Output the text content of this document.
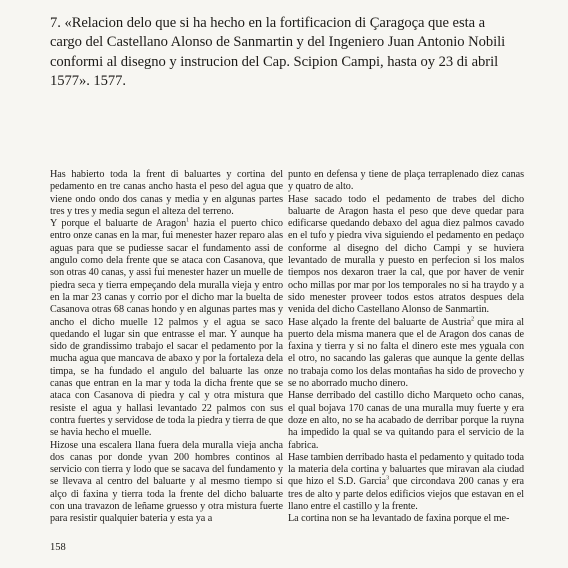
7. «Relacion delo que si ha hecho en la fortificacion di Çaragoça que esta a cargo del Castellano Alonso de Sanmartin y del Ingeniero Juan Antonio Nobili conformi al disegno y instrucion del Cap. Scipion Campi, hasta oy 23 di abril 1577». 1577.

Has habierto toda la frent di baluartes y cortina del pedamento en tre canas ancho hasta el peso del agua que viene ondo ondo dos canas y media y en algunas partes tres y tres y media segun el alteza del terreno.

Y porque el baluarte de Aragon$^1$ hazia el puerto chico entro onze canas en la mar, fui menester hazer reparo alas aguas para que se pudiesse sacar el fundamento assi de angulo como dela frente que se ataca con Casanova, que son otras 40 canas, y assi fui menester hazer un muelle de piedra seca y tierra empeçando dela muralla vieja y entro en la mar 23 canas y corrio por el dicho mar la buelta de Casanova otras 68 canas hondo y en algunas partes mas y ancho el dicho muelle 12 palmos y el agua se saco quedando el lugar sin que entrasse el mar. Y aunque ha sido de grandissimo trabajo el sacar el pedamento por la mucha agua que mancava de abaxo y por la fortaleza dela timpa, se ha fundado el angulo del baluarte las onze canas que entran en la mar y toda la dicha frente que se ataca con Casanova di piedra y cal y otra mistura que resiste el agua y hallasi levantado 22 palmos con sus contra fuertes y servidose de toda la piedra y tierra de que se havia hecho el muelle.

Hizose una escalera llana fuera dela muralla vieja ancha dos canas por donde yvan 200 hombres continos al servicio con tierra y lodo que se sacava del fundamento y se llevava al centro del baluarte y al mesmo tiempo si alço di faxina y tierra toda la frente del dicho baluarte con una travazon de leñame gruesso y otra mistura fuerte para resistir qualquier bateria y esta ya a

punto en defensa y tiene de plaça terraplenado diez canas y quatro de alto.

Hase sacado todo el pedamento de trabes del dicho baluarte de Aragon hasta el peso que deve quedar para edificarse quedando debaxo del agua diez palmos cavado en el tufo y piedra viva siguiendo el pedamento en pedaço conforme al disegno del dicho Campi y se huviera levantado de muralla y puesto en perfecion si los malos tiempos nos dexaron traer la cal, que por haver de venir ocho millas por mar por los temporales no si ha traydo y a sido menester proveer todos estos atratos despues dela venida del dicho Castellano Alonso de Sanmartin.

Hase alçado la frente del baluarte de Austria$^2$ que mira al puerto dela misma manera que el de Aragon dos canas de faxina y tierra y si no falta el dinero este mes yguala con el otro, no sacando las galeras que aunque la gente dellas no trabaja como los delas montañas ha sido de provecho y se no aborrado mucho dinero.

Hanse derribado del castillo dicho Marqueto ocho canas, el qual bojava 170 canas de una muralla muy fuerte y era doze en alto, no se ha acabado de derribar porque la ruyna ha impedido la qual se va quitando para el servicio de la fabrica.

Hase tambien derribado hasta el pedamento y quitado toda la materia dela cortina y baluartes que miravan ala ciudad que hizo el S.D. Garcia$^3$ que circondava 200 canas y era tres de alto y parte delos edificios viejos que estavan en el llano entre el castillo y la frente.

La cortina non se ha levantado de faxina porque el me-

158
